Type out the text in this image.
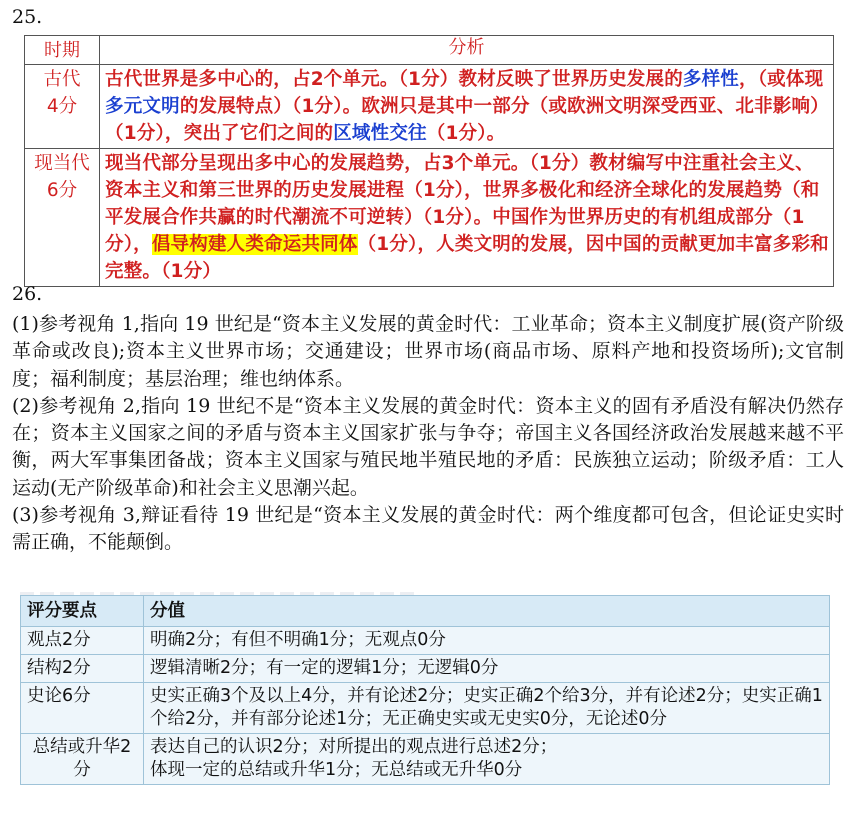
25.
时期	分析

古代
4分	古代世界是多中心的，占2个单元。（1分）教材反映了世界历史发展的多样性，（或体现多元文明的发展特点）（1分）。欧洲只是其中一部分（或欧洲文明深受西亚、北非影响）（1分），突出了它们之间的区域性交往（1分）。

现当代
6分	现当代部分呈现出多中心的发展趋势，占3个单元。（1分）教材编写中注重社会主义、资本主义和第三世界的历史发展进程（1分），世界多极化和经济全球化的发展趋势（和平发展合作共赢的时代潮流不可逆转）（1分）。中国作为世界历史的有机组成部分（1分），倡导构建人类命运共同体（1分），人类文明的发展，因中国的贡献更加丰富多彩和完整。（1分）
26.

(1)参考视角 1,指向 19 世纪是“资本主义发展的黄金时代：工业革命；资本主义制度扩展(资产阶级革命或改良);资本主义世界市场；交通建设；世界市场(商品市场、原料产地和投资场所);文官制度；福利制度；基层治理；维也纳体系。

(2)参考视角 2,指向 19 世纪不是“资本主义发展的黄金时代：资本主义的固有矛盾没有解决仍然存在；资本主义国家之间的矛盾与资本主义国家扩张与争夺；帝国主义各国经济政治发展越来越不平衡，两大军事集团备战；资本主义国家与殖民地半殖民地的矛盾：民族独立运动；阶级矛盾：工人运动(无产阶级革命)和社会主义思潮兴起。

(3)参考视角 3,辩证看待 19 世纪是“资本主义发展的黄金时代：两个维度都可包含，但论证史实时需正确，不能颠倒。

评分要点	分值
观点2分	明确2分；有但不明确1分；无观点0分
结构2分	逻辑清晰2分；有一定的逻辑1分；无逻辑0分
史论6分	史实正确3个及以上4分，并有论述2分；史实正确2个给3分，并有论述2分；史实正确1个给2分，并有部分论述1分；无正确史实或无史实0分，无论述0分
总结或升华2分	表达自己的认识2分；对所提出的观点进行总述2分；
体现一定的总结或升华1分；无总结或无升华0分
